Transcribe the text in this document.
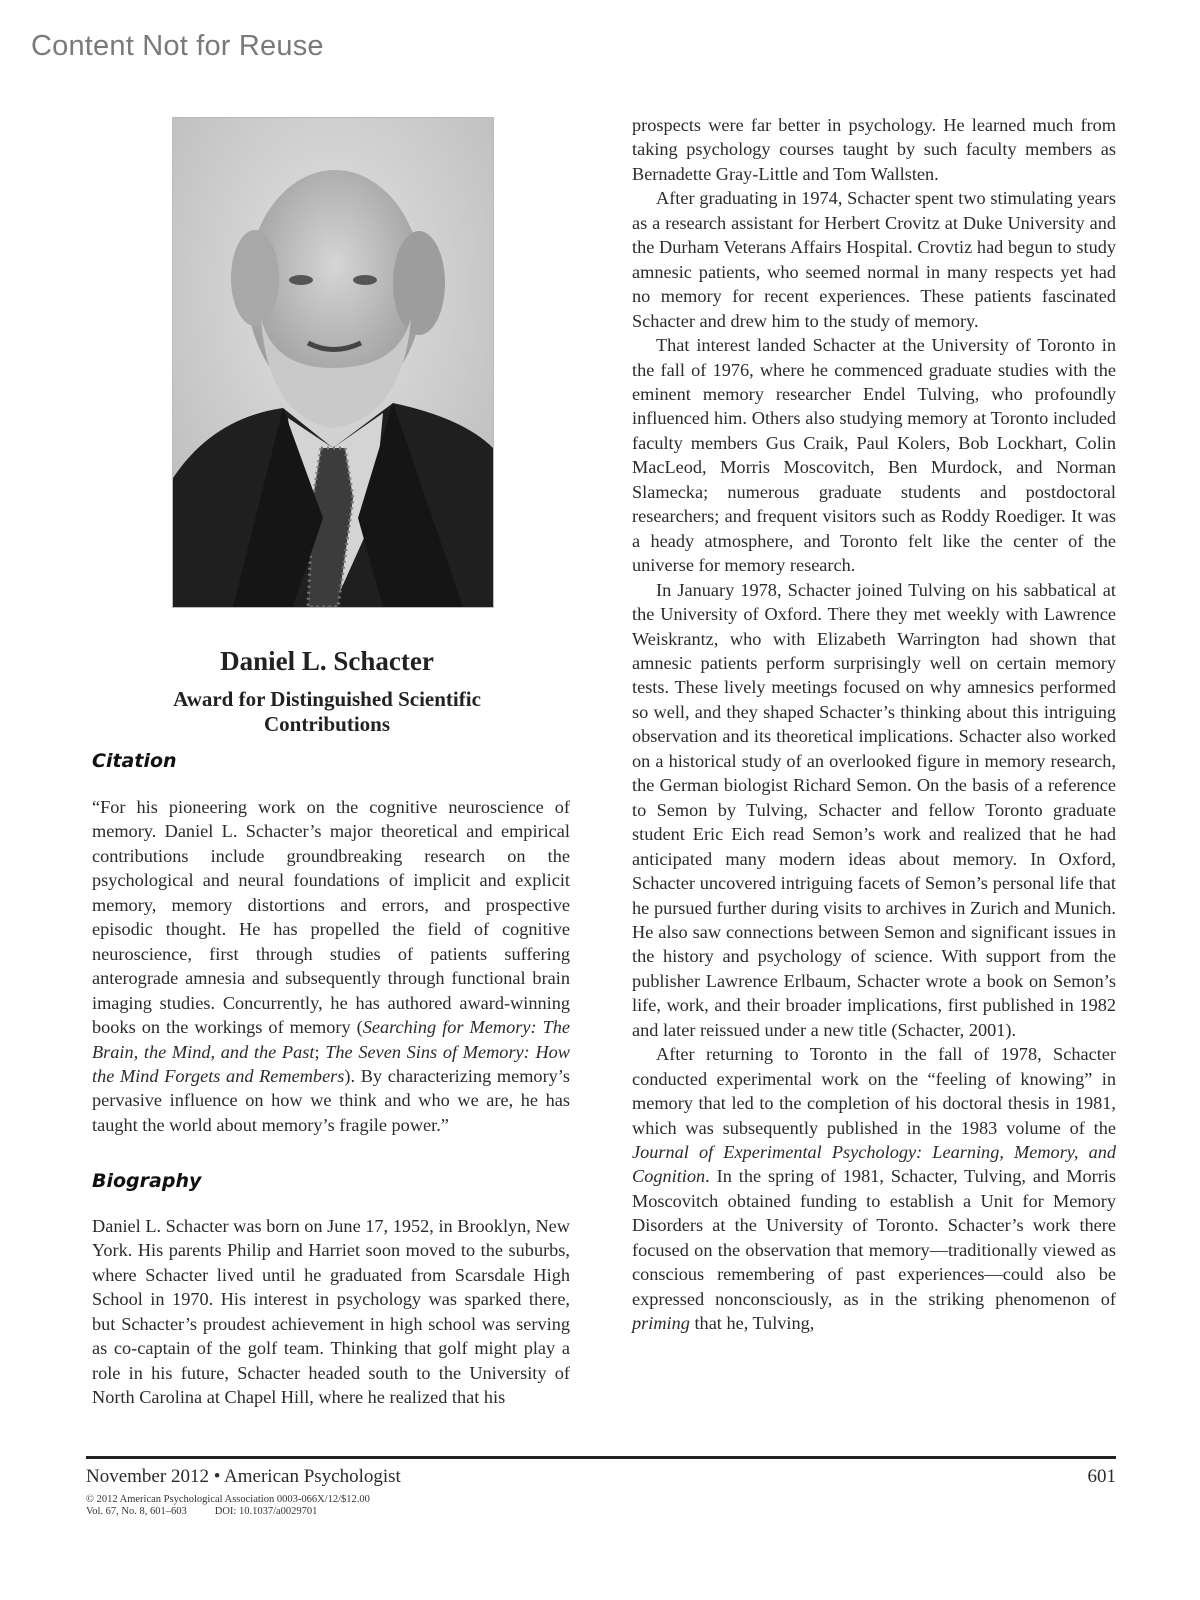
Content Not for Reuse
Daniel L. Schacter
Award for Distinguished Scientific
Contributions
Citation

“For his pioneering work on the cognitive neuroscience of memory. Daniel L. Schacter’s major theoretical and empirical contributions include groundbreaking research on the psychological and neural foundations of implicit and explicit memory, memory distortions and errors, and prospective episodic thought. He has propelled the field of cognitive neuroscience, first through studies of patients suffering anterograde amnesia and subsequently through functional brain imaging studies. Concurrently, he has authored award-winning books on the workings of memory (Searching for Memory: The Brain, the Mind, and the Past; The Seven Sins of Memory: How the Mind Forgets and Remembers). By characterizing memory’s pervasive influence on how we think and who we are, he has taught the world about memory’s fragile power.”

Biography

Daniel L. Schacter was born on June 17, 1952, in Brooklyn, New York. His parents Philip and Harriet soon moved to the suburbs, where Schacter lived until he graduated from Scarsdale High School in 1970. His interest in psychology was sparked there, but Schacter’s proudest achievement in high school was serving as co-captain of the golf team. Thinking that golf might play a role in his future, Schacter headed south to the University of North Carolina at Chapel Hill, where he realized that his

prospects were far better in psychology. He learned much from taking psychology courses taught by such faculty members as Bernadette Gray-Little and Tom Wallsten.

After graduating in 1974, Schacter spent two stimulating years as a research assistant for Herbert Crovitz at Duke University and the Durham Veterans Affairs Hospital. Crovtiz had begun to study amnesic patients, who seemed normal in many respects yet had no memory for recent experiences. These patients fascinated Schacter and drew him to the study of memory.

That interest landed Schacter at the University of Toronto in the fall of 1976, where he commenced graduate studies with the eminent memory researcher Endel Tulving, who profoundly influenced him. Others also studying memory at Toronto included faculty members Gus Craik, Paul Kolers, Bob Lockhart, Colin MacLeod, Morris Moscovitch, Ben Murdock, and Norman Slamecka; numerous graduate students and postdoctoral researchers; and frequent visitors such as Roddy Roediger. It was a heady atmosphere, and Toronto felt like the center of the universe for memory research.

In January 1978, Schacter joined Tulving on his sabbatical at the University of Oxford. There they met weekly with Lawrence Weiskrantz, who with Elizabeth Warrington had shown that amnesic patients perform surprisingly well on certain memory tests. These lively meetings focused on why amnesics performed so well, and they shaped Schacter’s thinking about this intriguing observation and its theoretical implications. Schacter also worked on a historical study of an overlooked figure in memory research, the German biologist Richard Semon. On the basis of a reference to Semon by Tulving, Schacter and fellow Toronto graduate student Eric Eich read Semon’s work and realized that he had anticipated many modern ideas about memory. In Oxford, Schacter uncovered intriguing facets of Semon’s personal life that he pursued further during visits to archives in Zurich and Munich. He also saw connections between Semon and significant issues in the history and psychology of science. With support from the publisher Lawrence Erlbaum, Schacter wrote a book on Semon’s life, work, and their broader implications, first published in 1982 and later reissued under a new title (Schacter, 2001).

After returning to Toronto in the fall of 1978, Schacter conducted experimental work on the “feeling of knowing” in memory that led to the completion of his doctoral thesis in 1981, which was subsequently published in the 1983 volume of the Journal of Experimental Psychology: Learning, Memory, and Cognition. In the spring of 1981, Schacter, Tulving, and Morris Moscovitch obtained funding to establish a Unit for Memory Disorders at the University of Toronto. Schacter’s work there focused on the observation that memory—traditionally viewed as conscious remembering of past experiences—could also be expressed nonconsciously, as in the striking phenomenon of priming that he, Tulving,

November 2012 • American Psychologist	601
© 2012 American Psychological Association 0003-066X/12/$12.00
Vol. 67, No. 8, 601–603	DOI: 10.1037/a0029701
